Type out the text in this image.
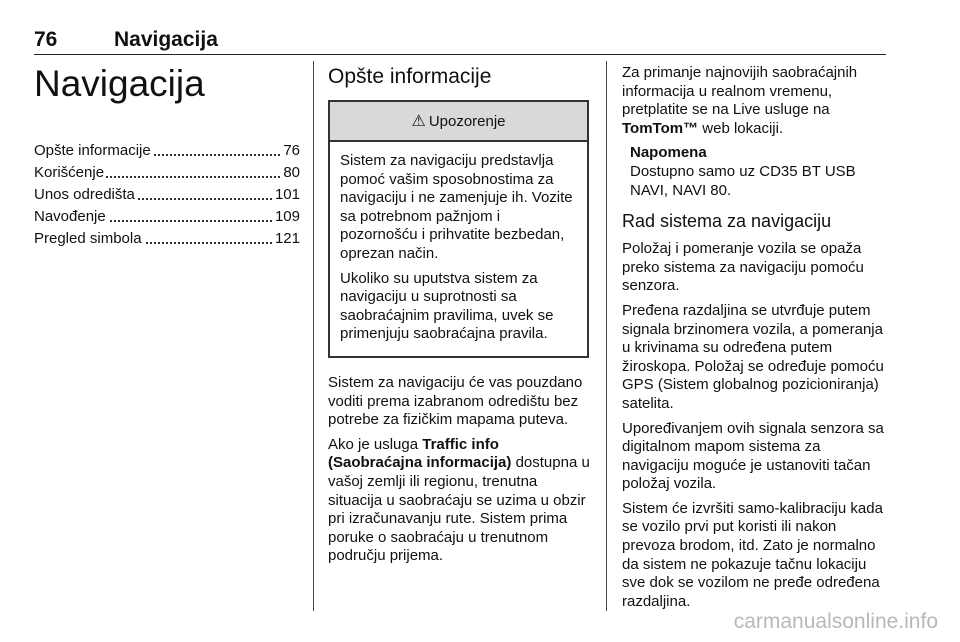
76	Navigacija
Navigacija
Opšte informacije	76
Korišćenje	80
Unos odredišta	101
Navođenje	109
Pregled simbola	121
Opšte informacije
⚠ Upozorenje

Sistem za navigaciju predstavlja pomoć vašim sposobnostima za navigaciju i ne zamenjuje ih. Vozite sa potrebnom pažnjom i pozornošću i prihvatite bezbedan, oprezan način.

Ukoliko su uputstva sistem za navigaciju u suprotnosti sa saobraćajnim pravilima, uvek se primenjuju saobraćajna pravila.

Sistem za navigaciju će vas pouzdano voditi prema izabranom odredištu bez potrebe za fizičkim mapama puteva.

Ako je usluga Traffic info (Saobraćajna informacija) dostupna u vašoj zemlji ili regionu, trenutna situacija u saobraćaju se uzima u obzir pri izračunavanju rute. Sistem prima poruke o saobraćaju u trenutnom području prijema.

Za primanje najnovijih saobraćajnih informacija u realnom vremenu, pretplatite se na Live usluge na TomTom™ web lokaciji.

Napomena
Dostupno samo uz CD35 BT USB NAVI, NAVI 80.
Rad sistema za navigaciju

Položaj i pomeranje vozila se opaža preko sistema za navigaciju pomoću senzora.

Pređena razdaljina se utvrđuje putem signala brzinomera vozila, a pomeranja u krivinama su određena putem žiroskopa. Položaj se određuje pomoću GPS (Sistem globalnog pozicioniranja) satelita.

Upoređivanjem ovih signala senzora sa digitalnom mapom sistema za navigaciju moguće je ustanoviti tačan položaj vozila.

Sistem će izvršiti samo-kalibraciju kada se vozilo prvi put koristi ili nakon prevoza brodom, itd. Zato je normalno da sistem ne pokazuje tačnu lokaciju sve dok se vozilom ne pređe određena razdaljina.

carmanualsonline.info
